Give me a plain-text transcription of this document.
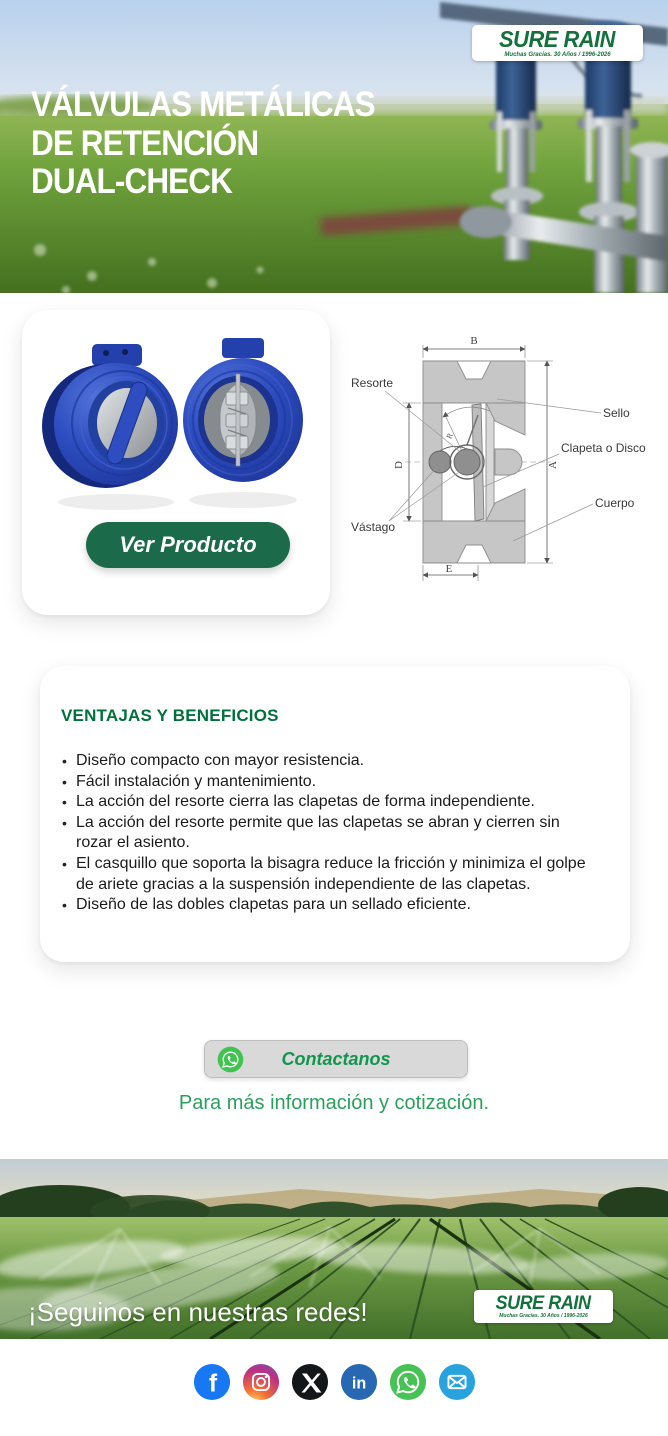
SURE RAIN
Muchas Gracias. 30 Años / 1996-2026
VÁLVULAS METÁLICAS
DE RETENCIÓN
DUAL-CHECK
Ver Producto
R
B
A
D
E
Resorte
Sello
Clapeta o Disco
Cuerpo
Vástago
VENTAJAS Y BENEFICIOS
• Diseño compacto con mayor resistencia.
• Fácil instalación y mantenimiento.
• La acción del resorte cierra las clapetas de forma independiente.
• La acción del resorte permite que las clapetas se abran y cierren sin rozar el asiento.
• El casquillo que soporta la bisagra reduce la fricción y minimiza el golpe de ariete gracias a la suspensión independiente de las clapetas.
• Diseño de las dobles clapetas para un sellado eficiente.
Contactanos
Para más información y cotización.

¡Seguinos en nuestras redes!	SURE RAIN
Muchas Gracias. 30 Años / 1996-2026
f	in
